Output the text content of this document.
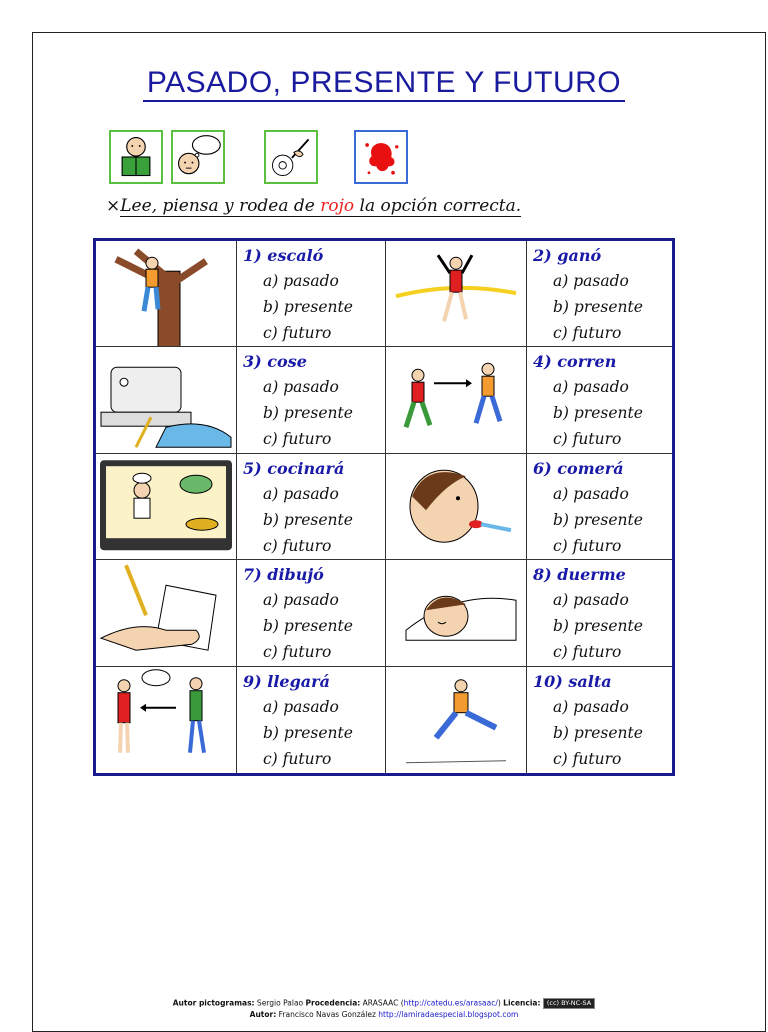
PASADO, PRESENTE Y FUTURO
×Lee, piensa y rodea de rojo la opción correcta.
1) escaló
a) pasado
b) presente
c) futuro
2) ganó
a) pasado
b) presente
c) futuro
3) cose
a) pasado
b) presente
c) futuro
4) corren
a) pasado
b) presente
c) futuro
5) cocinará
a) pasado
b) presente
c) futuro
6) comerá
a) pasado
b) presente
c) futuro
7) dibujó
a) pasado
b) presente
c) futuro
8) duerme
a) pasado
b) presente
c) futuro
9) llegará
a) pasado
b) presente
c) futuro
10) salta
a) pasado
b) presente
c) futuro
Autor pictogramas: Sergio Palao Procedencia: ARASAAC (http://catedu.es/arasaac/) Licencia: (cc) BY-NC-SA
Autor: Francisco Navas González http://lamiradaespecial.blogspot.com
